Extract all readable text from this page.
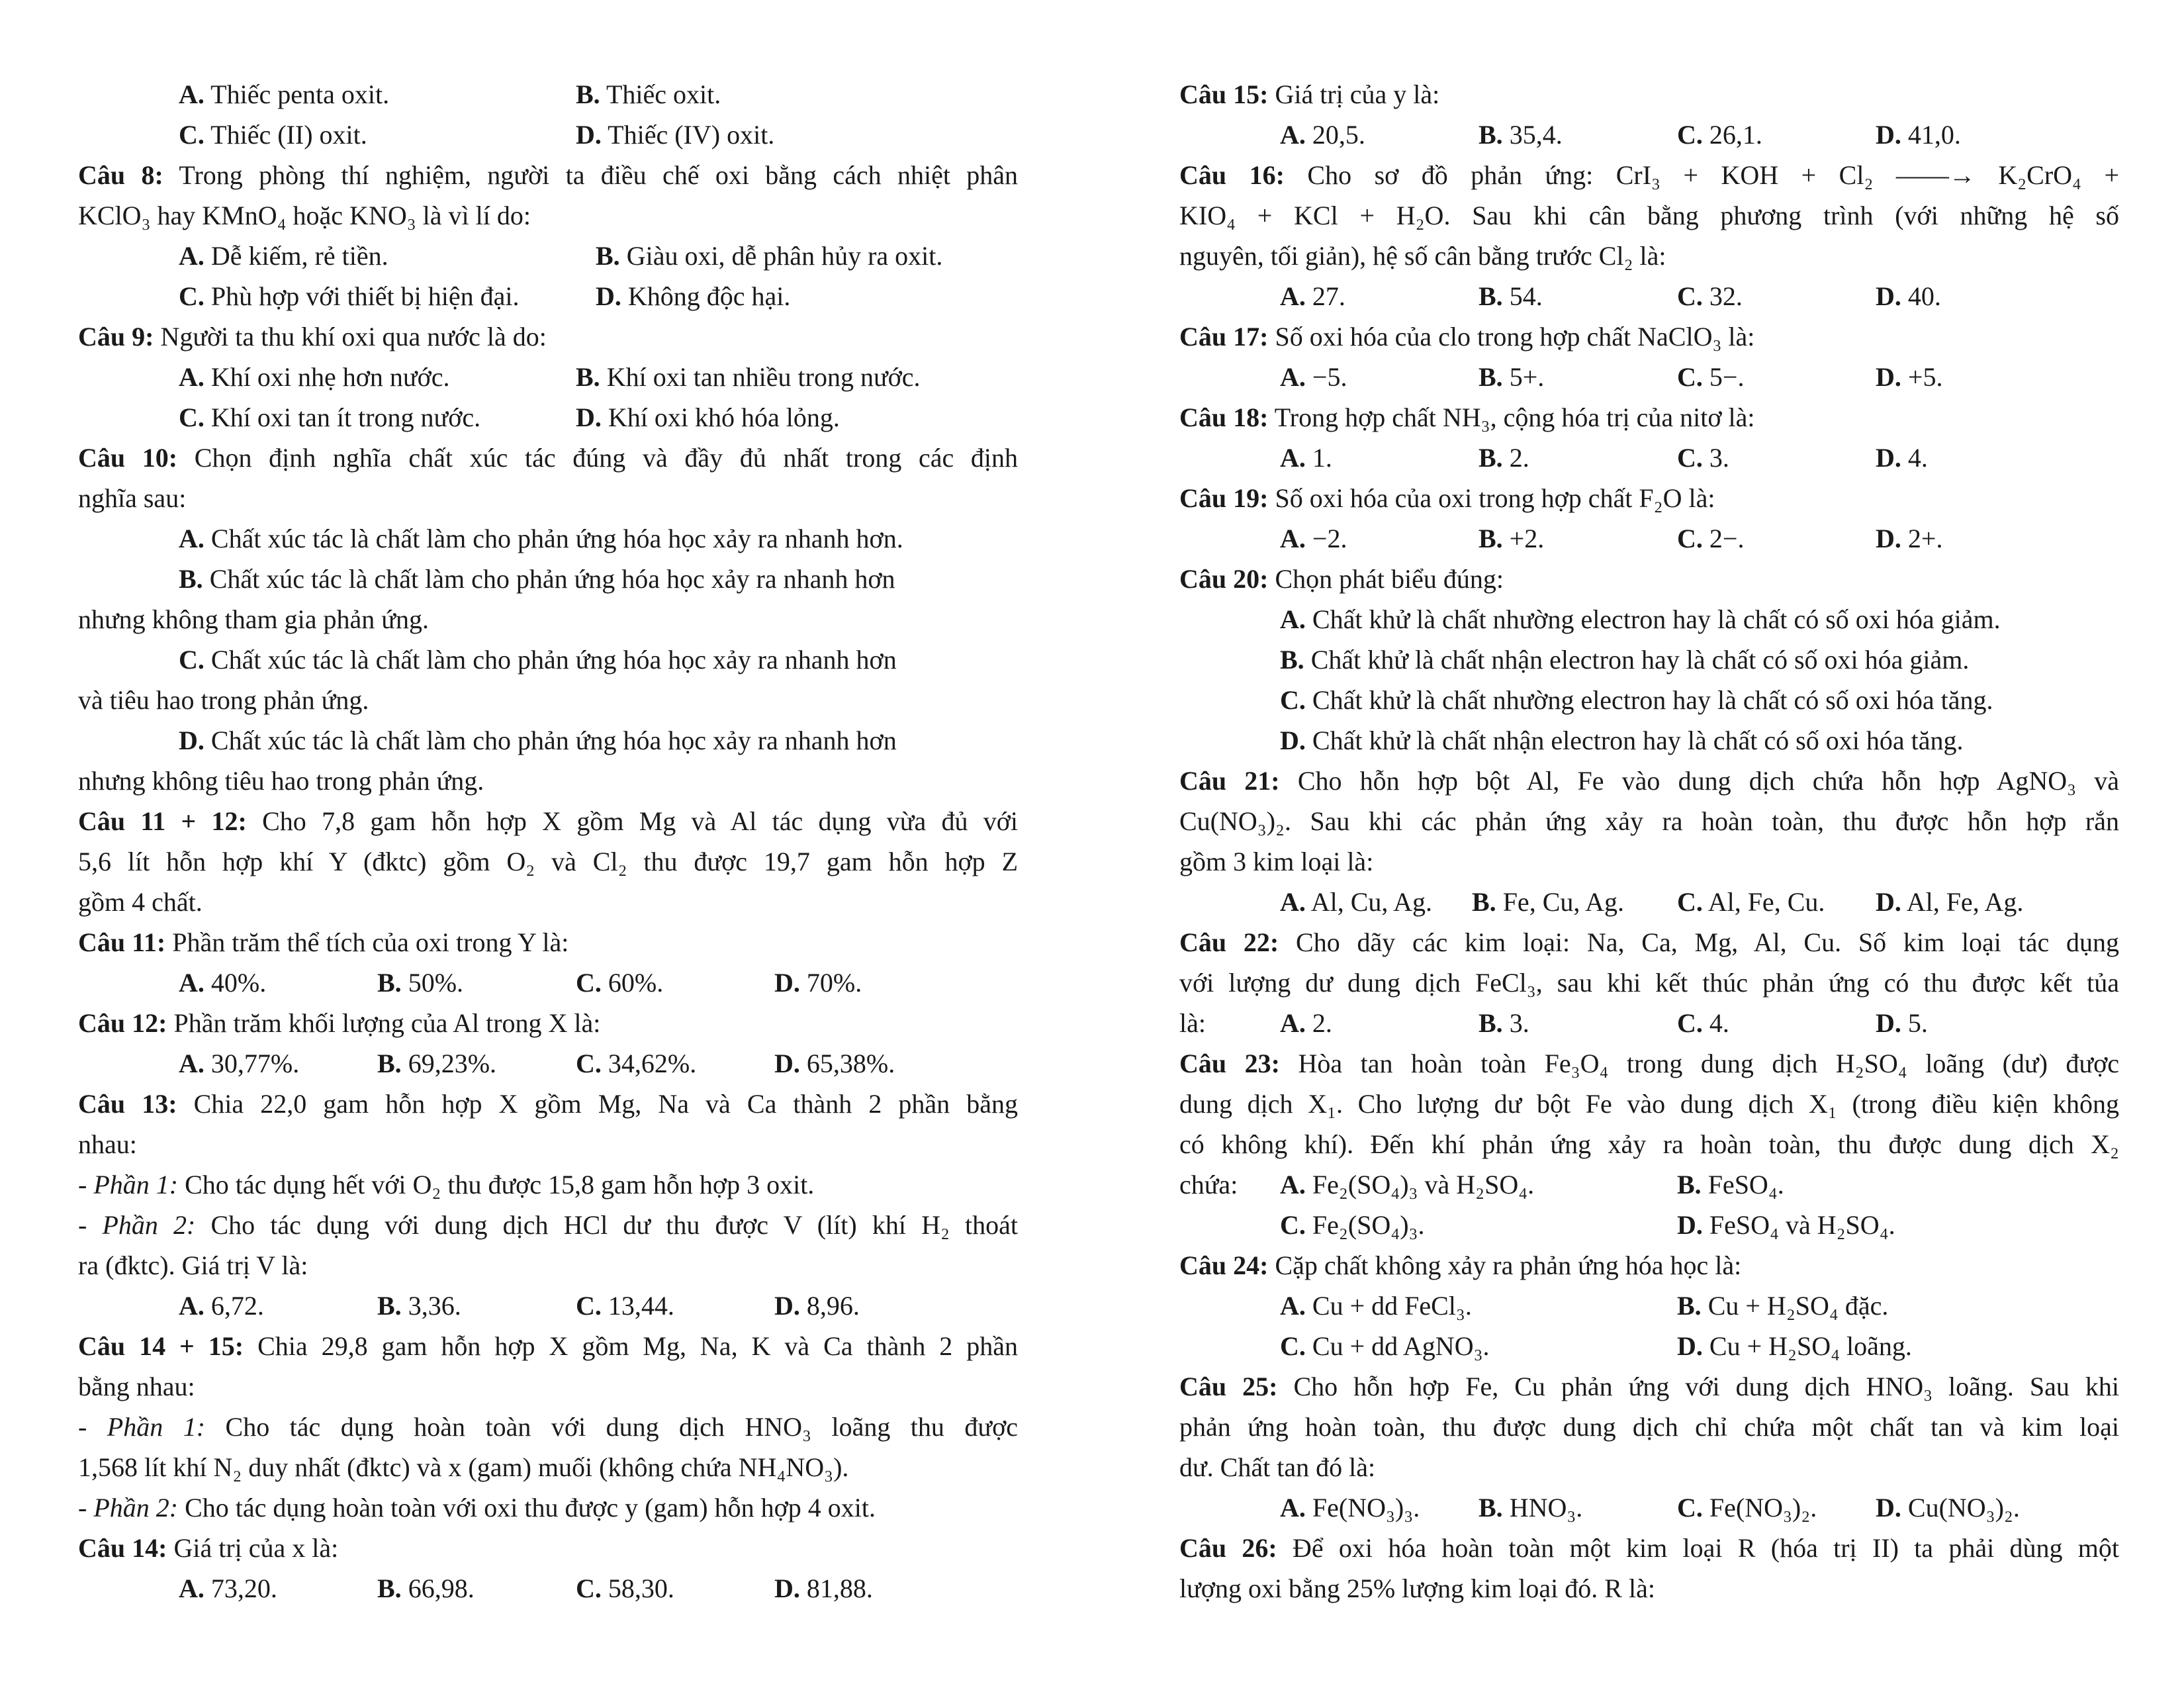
A. Thiếc penta oxit.	B. Thiếc oxit.
C. Thiếc (II) oxit.	D. Thiếc (IV) oxit.
Câu 8: Trong phòng thí nghiệm, người ta điều chế oxi bằng cách nhiệt phân
KClO₃ hay KMnO₄ hoặc KNO₃ là vì lí do:
A. Dễ kiếm, rẻ tiền.	B. Giàu oxi, dễ phân hủy ra oxit.
C. Phù hợp với thiết bị hiện đại.	D. Không độc hại.
Câu 9: Người ta thu khí oxi qua nước là do:
A. Khí oxi nhẹ hơn nước.	B. Khí oxi tan nhiều trong nước.
C. Khí oxi tan ít trong nước.	D. Khí oxi khó hóa lỏng.
Câu 10: Chọn định nghĩa chất xúc tác đúng và đầy đủ nhất trong các định
nghĩa sau:
A. Chất xúc tác là chất làm cho phản ứng hóa học xảy ra nhanh hơn.
B. Chất xúc tác là chất làm cho phản ứng hóa học xảy ra nhanh hơn
nhưng không tham gia phản ứng.
C. Chất xúc tác là chất làm cho phản ứng hóa học xảy ra nhanh hơn
và tiêu hao trong phản ứng.
D. Chất xúc tác là chất làm cho phản ứng hóa học xảy ra nhanh hơn
nhưng không tiêu hao trong phản ứng.
Câu 11 + 12: Cho 7,8 gam hỗn hợp X gồm Mg và Al tác dụng vừa đủ với
5,6 lít hỗn hợp khí Y (đktc) gồm O₂ và Cl₂ thu được 19,7 gam hỗn hợp Z
gồm 4 chất.
Câu 11: Phần trăm thể tích của oxi trong Y là:
A. 40%.	B. 50%.	C. 60%.	D. 70%.
Câu 12: Phần trăm khối lượng của Al trong X là:
A. 30,77%.	B. 69,23%.	C. 34,62%.	D. 65,38%.
Câu 13: Chia 22,0 gam hỗn hợp X gồm Mg, Na và Ca thành 2 phần bằng
nhau:
- Phần 1: Cho tác dụng hết với O₂ thu được 15,8 gam hỗn hợp 3 oxit.
- Phần 2: Cho tác dụng với dung dịch HCl dư thu được V (lít) khí H₂ thoát
ra (đktc). Giá trị V là:
A. 6,72.	B. 3,36.	C. 13,44.	D. 8,96.
Câu 14 + 15: Chia 29,8 gam hỗn hợp X gồm Mg, Na, K và Ca thành 2 phần
bằng nhau:
- Phần 1: Cho tác dụng hoàn toàn với dung dịch HNO₃ loãng thu được
1,568 lít khí N₂ duy nhất (đktc) và x (gam) muối (không chứa NH₄NO₃).
- Phần 2: Cho tác dụng hoàn toàn với oxi thu được y (gam) hỗn hợp 4 oxit.
Câu 14: Giá trị của x là:
A. 73,20.	B. 66,98.	C. 58,30.	D. 81,88.
Câu 15: Giá trị của y là:
A. 20,5.	B. 35,4.	C. 26,1.	D. 41,0.
Câu 16: Cho sơ đồ phản ứng: CrI₃ + KOH + Cl₂ ——→ K₂CrO₄ +
KIO₄ + KCl + H₂O. Sau khi cân bằng phương trình (với những hệ số
nguyên, tối giản), hệ số cân bằng trước Cl₂ là:
A. 27.	B. 54.	C. 32.	D. 40.
Câu 17: Số oxi hóa của clo trong hợp chất NaClO₃ là:
A. −5.	B. 5+.	C. 5−.	D. +5.
Câu 18: Trong hợp chất NH₃, cộng hóa trị của nitơ là:
A. 1.	B. 2.	C. 3.	D. 4.
Câu 19: Số oxi hóa của oxi trong hợp chất F₂O là:
A. −2.	B. +2.	C. 2−.	D. 2+.
Câu 20: Chọn phát biểu đúng:
A. Chất khử là chất nhường electron hay là chất có số oxi hóa giảm.
B. Chất khử là chất nhận electron hay là chất có số oxi hóa giảm.
C. Chất khử là chất nhường electron hay là chất có số oxi hóa tăng.
D. Chất khử là chất nhận electron hay là chất có số oxi hóa tăng.
Câu 21: Cho hỗn hợp bột Al, Fe vào dung dịch chứa hỗn hợp AgNO₃ và
Cu(NO₃)₂. Sau khi các phản ứng xảy ra hoàn toàn, thu được hỗn hợp rắn
gồm 3 kim loại là:
A. Al, Cu, Ag. B. Fe, Cu, Ag. C. Al, Fe, Cu. D. Al, Fe, Ag.
Câu 22: Cho dãy các kim loại: Na, Ca, Mg, Al, Cu. Số kim loại tác dụng
với lượng dư dung dịch FeCl₃, sau khi kết thúc phản ứng có thu được kết tủa
là:	A. 2.	B. 3.	C. 4.	D. 5.
Câu 23: Hòa tan hoàn toàn Fe₃O₄ trong dung dịch H₂SO₄ loãng (dư) được
dung dịch X₁. Cho lượng dư bột Fe vào dung dịch X₁ (trong điều kiện không
có không khí). Đến khí phản ứng xảy ra hoàn toàn, thu được dung dịch X₂
chứa: A. Fe₂(SO₄)₃ và H₂SO₄.	B. FeSO₄.
C. Fe₂(SO₄)₃.	D. FeSO₄ và H₂SO₄.
Câu 24: Cặp chất không xảy ra phản ứng hóa học là:
A. Cu + dd FeCl₃.	B. Cu + H₂SO₄ đặc.
C. Cu + dd AgNO₃.	D. Cu + H₂SO₄ loãng.
Câu 25: Cho hỗn hợp Fe, Cu phản ứng với dung dịch HNO₃ loãng. Sau khi
phản ứng hoàn toàn, thu được dung dịch chỉ chứa một chất tan và kim loại
dư. Chất tan đó là:
A. Fe(NO₃)₃. B. HNO₃.	C. Fe(NO₃)₂. D. Cu(NO₃)₂.
Câu 26: Để oxi hóa hoàn toàn một kim loại R (hóa trị II) ta phải dùng một
lượng oxi bằng 25% lượng kim loại đó. R là:
